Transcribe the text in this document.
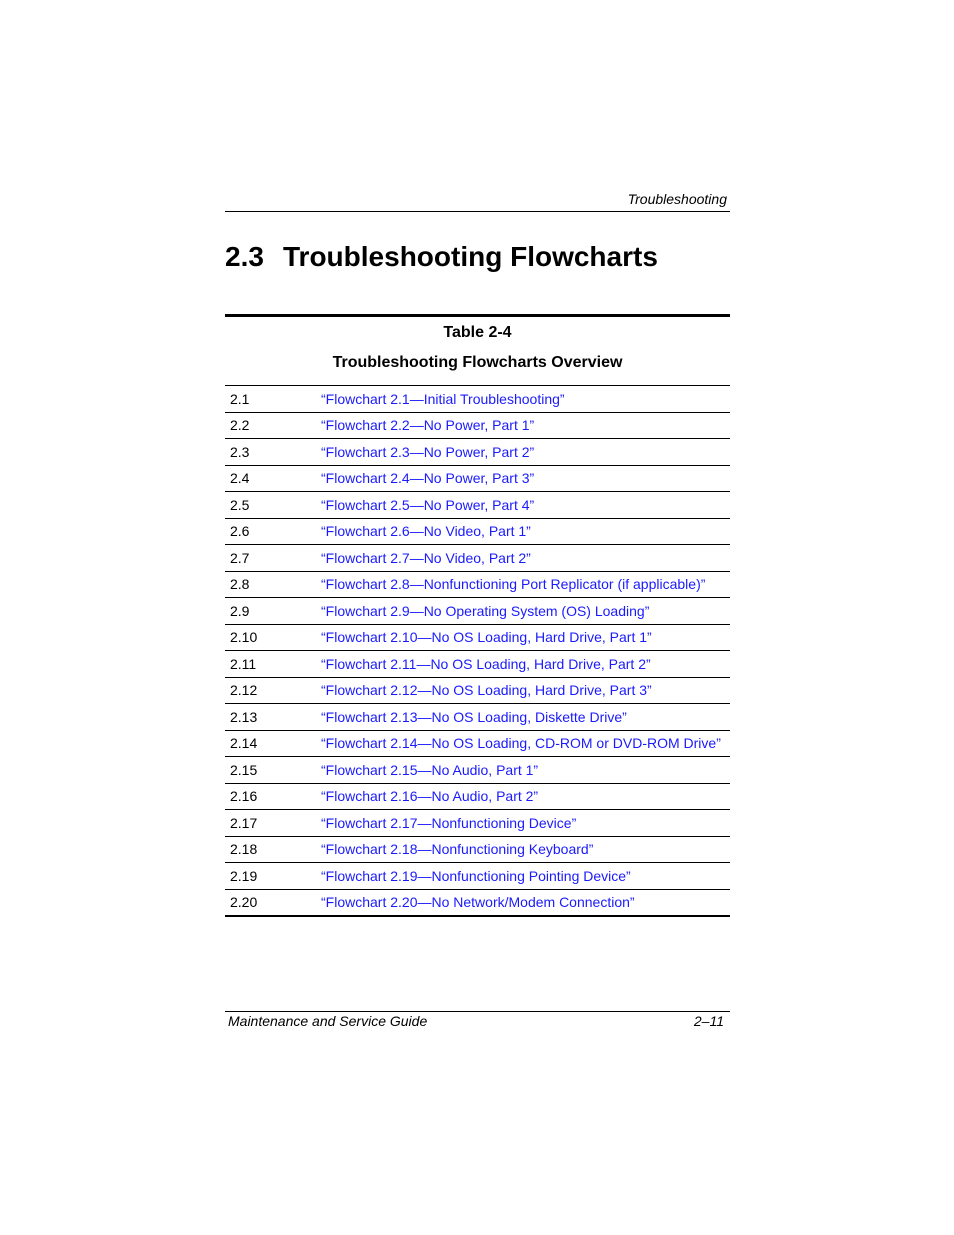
Troubleshooting
2.3 Troubleshooting Flowcharts
Table 2-4
Troubleshooting Flowcharts Overview
2.1	“Flowchart 2.1—Initial Troubleshooting”
2.2	“Flowchart 2.2—No Power, Part 1”
2.3	“Flowchart 2.3—No Power, Part 2”
2.4	“Flowchart 2.4—No Power, Part 3”
2.5	“Flowchart 2.5—No Power, Part 4”
2.6	“Flowchart 2.6—No Video, Part 1”
2.7	“Flowchart 2.7—No Video, Part 2”
2.8	“Flowchart 2.8—Nonfunctioning Port Replicator (if applicable)”
2.9	“Flowchart 2.9—No Operating System (OS) Loading”
2.10	“Flowchart 2.10—No OS Loading, Hard Drive, Part 1”
2.11	“Flowchart 2.11—No OS Loading, Hard Drive, Part 2”
2.12	“Flowchart 2.12—No OS Loading, Hard Drive, Part 3”
2.13	“Flowchart 2.13—No OS Loading, Diskette Drive”
2.14	“Flowchart 2.14—No OS Loading, CD-ROM or DVD-ROM Drive”
2.15	“Flowchart 2.15—No Audio, Part 1”
2.16	“Flowchart 2.16—No Audio, Part 2”
2.17	“Flowchart 2.17—Nonfunctioning Device”
2.18	“Flowchart 2.18—Nonfunctioning Keyboard”
2.19	“Flowchart 2.19—Nonfunctioning Pointing Device”
2.20	“Flowchart 2.20—No Network/Modem Connection”
Maintenance and Service Guide	2–11
